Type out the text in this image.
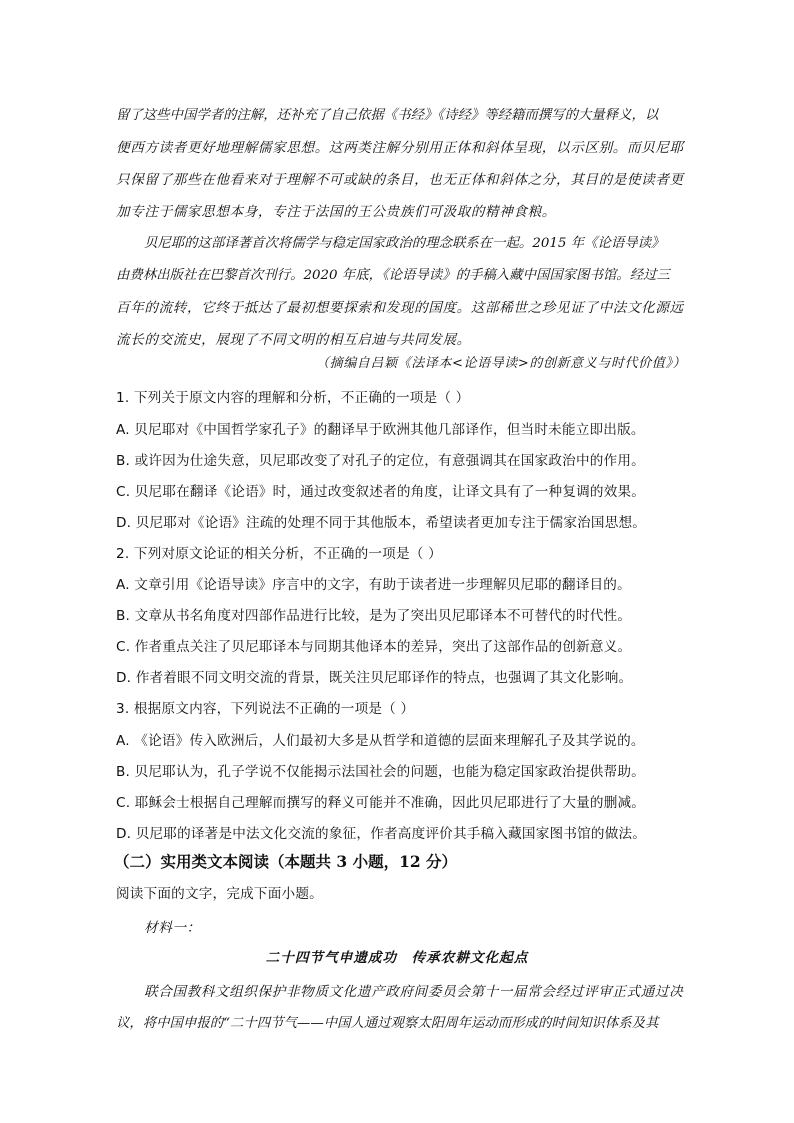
留了这些中国学者的注解，还补充了自己依据《书经》《诗经》等经籍而撰写的大量释义，以
便西方读者更好地理解儒家思想。这两类注解分别用正体和斜体呈现，以示区别。而贝尼耶
只保留了那些在他看来对于理解不可或缺的条目，也无正体和斜体之分，其目的是使读者更
加专注于儒家思想本身，专注于法国的王公贵族们可汲取的精神食粮。
贝尼耶的这部译著首次将儒学与稳定国家政治的理念联系在一起。2015 年《论语导读》
由费林出版社在巴黎首次刊行。2020 年底，《论语导读》的手稿入藏中国国家图书馆。经过三
百年的流转，它终于抵达了最初想要探索和发现的国度。这部稀世之珍见证了中法文化源远
流长的交流史，展现了不同文明的相互启迪与共同发展。
（摘编自吕颖《法译本<论语导读>的创新意义与时代价值》）
1. 下列关于原文内容的理解和分析，不正确的一项是（ ）
A. 贝尼耶对《中国哲学家孔子》的翻译早于欧洲其他几部译作，但当时未能立即出版。
B. 或许因为仕途失意，贝尼耶改变了对孔子的定位，有意强调其在国家政治中的作用。
C. 贝尼耶在翻译《论语》时，通过改变叙述者的角度，让译文具有了一种复调的效果。
D. 贝尼耶对《论语》注疏的处理不同于其他版本，希望读者更加专注于儒家治国思想。
2. 下列对原文论证的相关分析，不正确的一项是（ ）
A. 文章引用《论语导读》序言中的文字，有助于读者进一步理解贝尼耶的翻译目的。
B. 文章从书名角度对四部作品进行比较，是为了突出贝尼耶译本不可替代的时代性。
C. 作者重点关注了贝尼耶译本与同期其他译本的差异，突出了这部作品的创新意义。
D. 作者着眼不同文明交流的背景，既关注贝尼耶译作的特点，也强调了其文化影响。
3. 根据原文内容，下列说法不正确的一项是（ ）
A. 《论语》传入欧洲后，人们最初大多是从哲学和道德的层面来理解孔子及其学说的。
B. 贝尼耶认为，孔子学说不仅能揭示法国社会的问题，也能为稳定国家政治提供帮助。
C. 耶稣会士根据自己理解而撰写的释义可能并不准确，因此贝尼耶进行了大量的删减。
D. 贝尼耶的译著是中法文化交流的象征，作者高度评价其手稿入藏国家图书馆的做法。
（二）实用类文本阅读（本题共 3 小题，12 分）
阅读下面的文字，完成下面小题。
材料一：
二十四节气申遗成功　传承农耕文化起点
联合国教科文组织保护非物质文化遗产政府间委员会第十一届常会经过评审正式通过决
议，将中国申报的“二十四节气——中国人通过观察太阳周年运动而形成的时间知识体系及其
